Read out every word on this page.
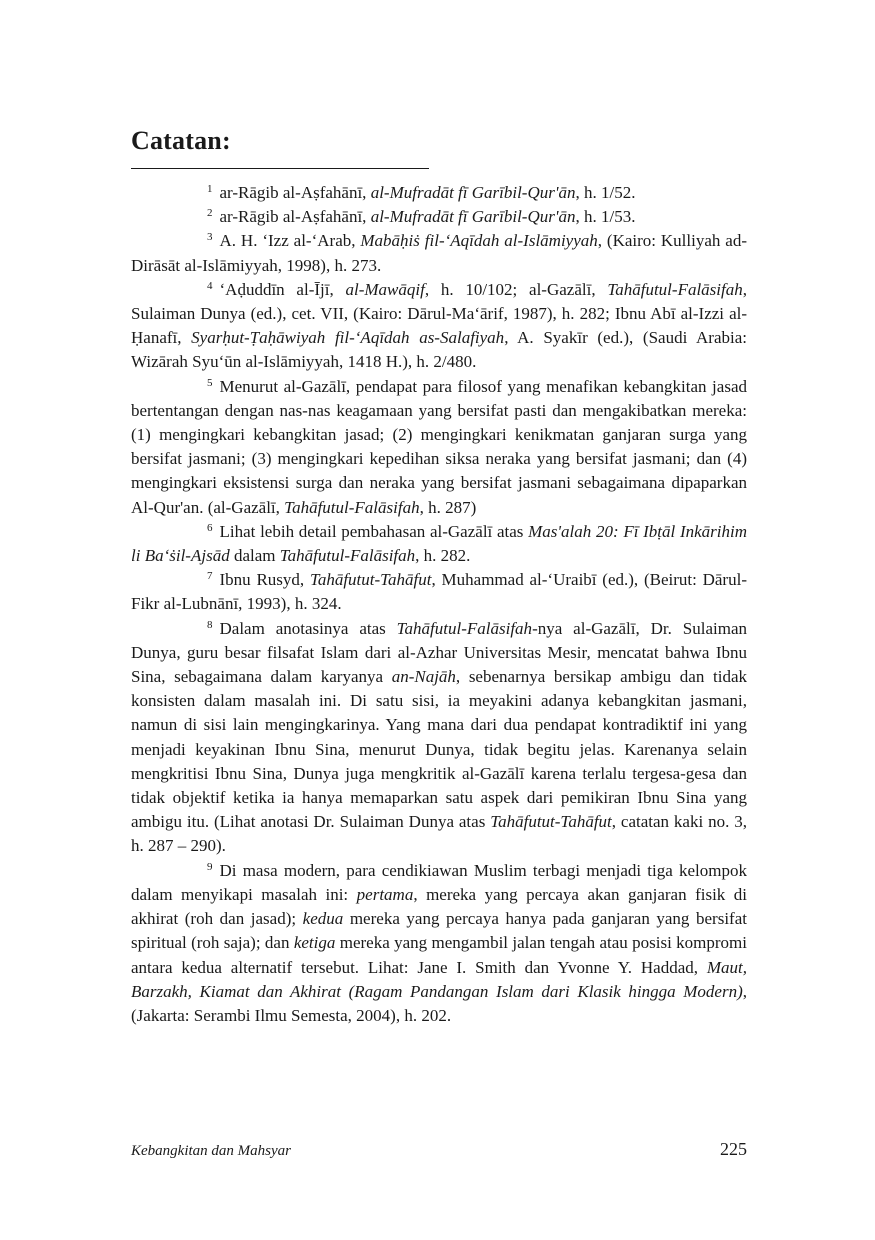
Catatan:

$^1$ ar-Rāgib al-Aṣfahānī, al-Mufradāt fī Garībil-Qur'ān, h. 1/52.

$^2$ ar-Rāgib al-Aṣfahānī, al-Mufradāt fī Garībil-Qur'ān, h. 1/53.

$^3$ A. H. ‘Izz al-‘Arab, Mabāḥiṡ fil-‘Aqīdah al-Islāmiyyah, (Kairo: Kulliyah ad-Dirāsāt al-Islāmiyyah, 1998), h. 273.

$^4$ ‘Aḍuddīn al-Ījī, al-Mawāqif, h. 10/102; al-Gazālī, Tahāfutul-Falāsifah, Sulaiman Dunya (ed.), cet. VII, (Kairo: Dārul-Ma‘ārif, 1987), h. 282; Ibnu Abī al-Izzi al-Ḥanafī, Syarḥut-Ṭaḥāwiyah fil-‘Aqīdah as-Salafiyah, A. Syakīr (ed.), (Saudi Arabia: Wizārah Syu‘ūn al-Islāmiyyah, 1418 H.), h. 2/480.

$^5$ Menurut al-Gazālī, pendapat para filosof yang menafikan kebangkitan jasad bertentangan dengan nas-nas keagamaan yang bersifat pasti dan mengakibatkan mereka: (1) mengingkari kebangkitan jasad; (2) mengingkari kenikmatan ganjaran surga yang bersifat jasmani; (3) mengingkari kepedihan siksa neraka yang bersifat jasmani; dan (4) mengingkari eksistensi surga dan neraka yang bersifat jasmani sebagaimana dipaparkan Al-Qur'an. (al-Gazālī, Tahāfutul-Falāsifah, h. 287)

$^6$ Lihat lebih detail pembahasan al-Gazālī atas Mas'alah 20: Fī Ibṭāl Inkārihim li Ba‘ṡil-Ajsād dalam Tahāfutul-Falāsifah, h. 282.

$^7$ Ibnu Rusyd, Tahāfutut-Tahāfut, Muhammad al-‘Uraibī (ed.), (Beirut: Dārul-Fikr al-Lubnānī, 1993), h. 324.

$^8$ Dalam anotasinya atas Tahāfutul-Falāsifah-nya al-Gazālī, Dr. Sulaiman Dunya, guru besar filsafat Islam dari al-Azhar Universitas Mesir, mencatat bahwa Ibnu Sina, sebagaimana dalam karyanya an-Najāh, sebenarnya bersikap ambigu dan tidak konsisten dalam masalah ini. Di satu sisi, ia meyakini adanya kebangkitan jasmani, namun di sisi lain mengingkarinya. Yang mana dari dua pendapat kontradiktif ini yang menjadi keyakinan Ibnu Sina, menurut Dunya, tidak begitu jelas. Karenanya selain mengkritisi Ibnu Sina, Dunya juga mengkritik al-Gazālī karena terlalu tergesa-gesa dan tidak objektif ketika ia hanya memaparkan satu aspek dari pemikiran Ibnu Sina yang ambigu itu. (Lihat anotasi Dr. Sulaiman Dunya atas Tahāfutut-Tahāfut, catatan kaki no. 3, h. 287 – 290).

$^9$ Di masa modern, para cendikiawan Muslim terbagi menjadi tiga kelompok dalam menyikapi masalah ini: pertama, mereka yang percaya akan ganjaran fisik di akhirat (roh dan jasad); kedua mereka yang percaya hanya pada ganjaran yang bersifat spiritual (roh saja); dan ketiga mereka yang mengambil jalan tengah atau posisi kompromi antara kedua alternatif tersebut. Lihat: Jane I. Smith dan Yvonne Y. Haddad, Maut, Barzakh, Kiamat dan Akhirat (Ragam Pandangan Islam dari Klasik hingga Modern), (Jakarta: Serambi Ilmu Semesta, 2004), h. 202.

Kebangkitan dan Mahsyar	225
